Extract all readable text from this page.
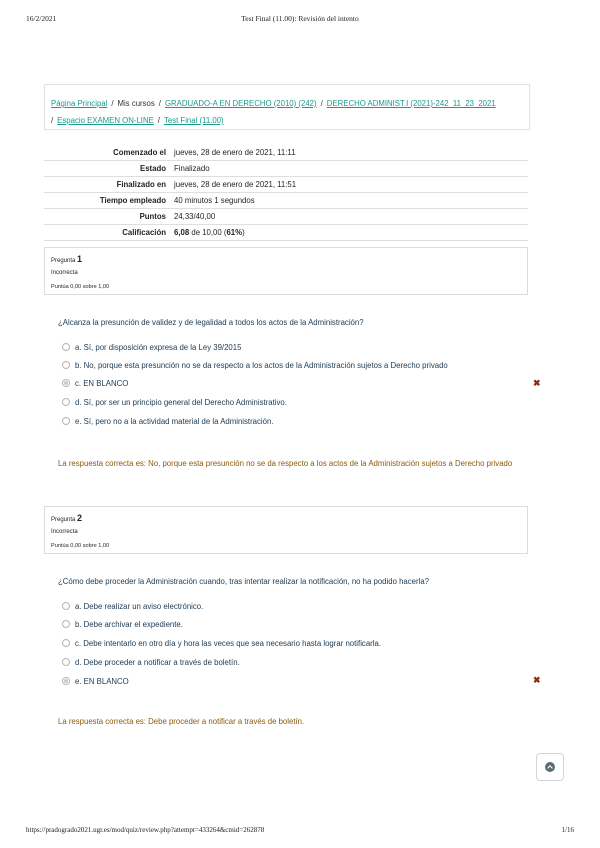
16/2/2021	Test Final (11.00): Revisión del intento
Página Principal / Mis cursos / GRADUADO-A EN DERECHO (2010) (242) / DERECHO ADMINIST.I (2021)-242_11_23_2021
/ Espacio EXAMEN ON-LINE / Test Final (11.00)
Comenzado el	jueves, 28 de enero de 2021, 11:11
Estado	Finalizado
Finalizado en	jueves, 28 de enero de 2021, 11:51
Tiempo empleado	40 minutos 1 segundos
Puntos	24,33/40,00
Calificación	6,08 de 10,00 (61%)
Pregunta 1
Incorrecta
Puntúa 0,00 sobre 1,00
¿Alcanza la presunción de validez y de legalidad a todos los actos de la Administración?
a. Sí, por disposición expresa de la Ley 39/2015
b. No, porque esta presunción no se da respecto a los actos de la Administración sujetos a Derecho privado
c. EN BLANCO	✖
d. Sí, por ser un principio general del Derecho Administrativo.
e. Sí, pero no a la actividad material de la Administración.
La respuesta correcta es: No, porque esta presunción no se da respecto a los actos de la Administración sujetos a Derecho privado
Pregunta 2
Incorrecta
Puntúa 0,00 sobre 1,00
¿Cómo debe proceder la Administración cuando, tras intentar realizar la notificación, no ha podido hacerla?
a. Debe realizar un aviso electrónico.
b. Debe archivar el expediente.
c. Debe intentarlo en otro día y hora las veces que sea necesario hasta lograr notificarla.
d. Debe proceder a notificar a través de boletín.
e. EN BLANCO	✖
La respuesta correcta es: Debe proceder a notificar a través de boletín.
https://pradogrado2021.ugr.es/mod/quiz/review.php?attempt=433264&cmid=262878	1/16
